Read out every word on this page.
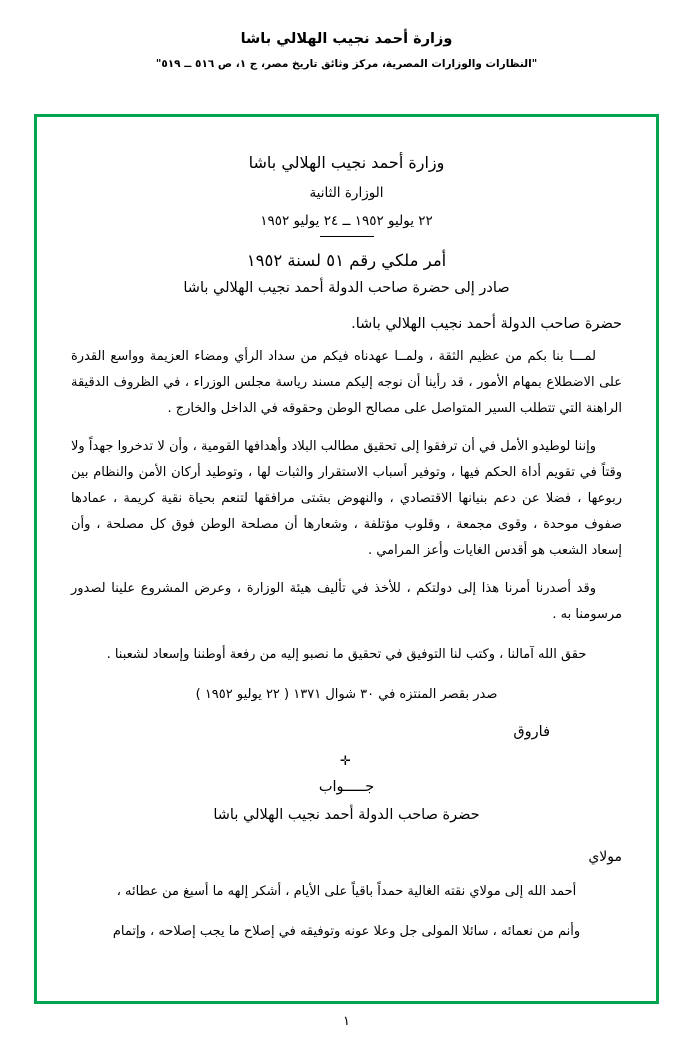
وزارة أحمد نجيب الهلالي باشا
"النظارات والوزارات المصرية، مركز وثائق تاريخ مصر، ج ١، ص ٥١٦ ــ ٥١٩"
وزارة أحمد نجيب الهلالي باشا
الوزارة الثانية
٢٢ يوليو ١٩٥٢ ــ ٢٤ يوليو ١٩٥٢
أمر ملكي رقم ٥١ لسنة ١٩٥٢
صادر إلى حضرة صاحب الدولة أحمد نجيب الهلالي باشا
حضرة صاحب الدولة أحمد نجيب الهلالي باشا.
لمـــا بنا بكم من عظيم الثقة ، ولمــا عهدناه فيكم من سداد الرأي ومضاء العزيمة وواسع القدرة على الاضطلاع بمهام الأمور ، قد رأينا أن نوجه إليكم مسند رياسة مجلس الوزراء ، في الظروف الدقيقة الراهنة التي تتطلب السير المتواصل على مصالح الوطن وحقوقه في الداخل والخارج .
وإننا لوطيدو الأمل في أن ترفقوا إلى تحقيق مطالب البلاد وأهدافها القومية ، وأن لا تدخروا جهداً ولا وقتاً في تقويم أداة الحكم فيها ، وتوفير أسباب الاستقرار والثبات لها ، وتوطيد أركان الأمن والنظام بين ربوعها ، فضلا عن دعم بنيانها الاقتصادي ، والنهوض بشتى مرافقها لتنعم بحياة نقية كريمة ، عمادها صفوف موحدة ، وقوى مجمعة ، وقلوب مؤتلفة ، وشعارها أن مصلحة الوطن فوق كل مصلحة ، وأن إسعاد الشعب هو أقدس الغايات وأعز المرامي .
وقد أصدرنا أمرنا هذا إلى دولتكم ، للأخذ في تأليف هيئة الوزارة ، وعرض المشروع علينا لصدور مرسومنا به .
حقق الله آمالنا ، وكتب لنا التوفيق في تحقيق ما نصبو إليه من رفعة أوطننا وإسعاد لشعبنا .
صدر بقصر المنتزه في ٣٠ شوال ١٣٧١ ( ٢٢ يوليو ١٩٥٢ )
فاروق
✛
جـــــواب
حضرة صاحب الدولة أحمد نجيب الهلالي باشا
مولاي
أحمد الله إلى مولاي نقته الغالية حمداً باقياً على الأيام ، أشكر إلهه ما أسبغ من عطائه ،
وأنم من نعمائه ، سائلا المولى جل وعلا عونه وتوفيقه في إصلاح ما يجب إصلاحه ، وإتمام
١
